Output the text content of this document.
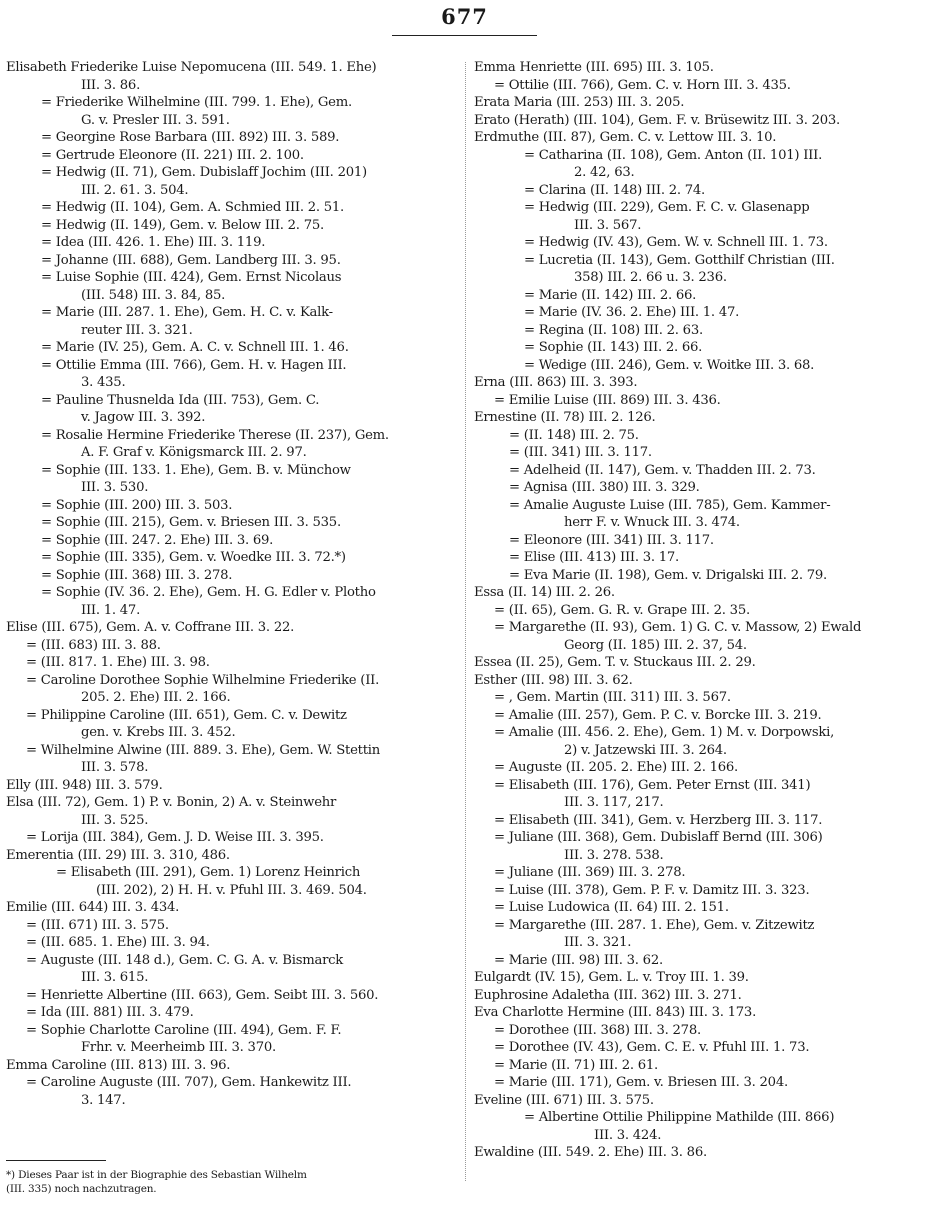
677
Elisabeth Friederike Luise Nepomucena (III. 549. 1. Ehe)
III. 3. 86.
= Friederike Wilhelmine (III. 799. 1. Ehe), Gem.
G. v. Presler III. 3. 591.
= Georgine Rose Barbara (III. 892) III. 3. 589.
= Gertrude Eleonore (II. 221) III. 2. 100.
= Hedwig (II. 71), Gem. Dubislaff Jochim (III. 201)
III. 2. 61. 3. 504.
= Hedwig (II. 104), Gem. A. Schmied III. 2. 51.
= Hedwig (II. 149), Gem. v. Below III. 2. 75.
= Idea (III. 426. 1. Ehe) III. 3. 119.
= Johanne (III. 688), Gem. Landberg III. 3. 95.
= Luise Sophie (III. 424), Gem. Ernst Nicolaus
(III. 548) III. 3. 84, 85.
= Marie (III. 287. 1. Ehe), Gem. H. C. v. Kalk-
reuter III. 3. 321.
= Marie (IV. 25), Gem. A. C. v. Schnell III. 1. 46.
= Ottilie Emma (III. 766), Gem. H. v. Hagen III.
3. 435.
= Pauline Thusnelda Ida (III. 753), Gem. C.
v. Jagow III. 3. 392.
= Rosalie Hermine Friederike Therese (II. 237), Gem.
A. F. Graf v. Königsmarck III. 2. 97.
= Sophie (III. 133. 1. Ehe), Gem. B. v. Münchow
III. 3. 530.
= Sophie (III. 200) III. 3. 503.
= Sophie (III. 215), Gem. v. Briesen III. 3. 535.
= Sophie (III. 247. 2. Ehe) III. 3. 69.
= Sophie (III. 335), Gem. v. Woedke III. 3. 72.*)
= Sophie (III. 368) III. 3. 278.
= Sophie (IV. 36. 2. Ehe), Gem. H. G. Edler v. Plotho
III. 1. 47.
Elise (III. 675), Gem. A. v. Coffrane III. 3. 22.
= (III. 683) III. 3. 88.
= (III. 817. 1. Ehe) III. 3. 98.
= Caroline Dorothee Sophie Wilhelmine Friederike (II.
205. 2. Ehe) III. 2. 166.
= Philippine Caroline (III. 651), Gem. C. v. Dewitz
gen. v. Krebs III. 3. 452.
= Wilhelmine Alwine (III. 889. 3. Ehe), Gem. W. Stettin
III. 3. 578.
Elly (III. 948) III. 3. 579.
Elsa (III. 72), Gem. 1) P. v. Bonin, 2) A. v. Steinwehr
III. 3. 525.
= Lorija (III. 384), Gem. J. D. Weise III. 3. 395.
Emerentia (III. 29) III. 3. 310, 486.
= Elisabeth (III. 291), Gem. 1) Lorenz Heinrich
(III. 202), 2) H. H. v. Pfuhl III. 3. 469. 504.
Emilie (III. 644) III. 3. 434.
= (III. 671) III. 3. 575.
= (III. 685. 1. Ehe) III. 3. 94.
= Auguste (III. 148 d.), Gem. C. G. A. v. Bismarck
III. 3. 615.
= Henriette Albertine (III. 663), Gem. Seibt III. 3. 560.
= Ida (III. 881) III. 3. 479.
= Sophie Charlotte Caroline (III. 494), Gem. F. F.
Frhr. v. Meerheimb III. 3. 370.
Emma Caroline (III. 813) III. 3. 96.
= Caroline Auguste (III. 707), Gem. Hankewitz III.
3. 147.
Emma Henriette (III. 695) III. 3. 105.
= Ottilie (III. 766), Gem. C. v. Horn III. 3. 435.
Erata Maria (III. 253) III. 3. 205.
Erato (Herath) (III. 104), Gem. F. v. Brüsewitz III. 3. 203.
Erdmuthe (III. 87), Gem. C. v. Lettow III. 3. 10.
= Catharina (II. 108), Gem. Anton (II. 101) III.
2. 42, 63.
= Clarina (II. 148) III. 2. 74.
= Hedwig (III. 229), Gem. F. C. v. Glasenapp
III. 3. 567.
= Hedwig (IV. 43), Gem. W. v. Schnell III. 1. 73.
= Lucretia (II. 143), Gem. Gotthilf Christian (III.
358) III. 2. 66 u. 3. 236.
= Marie (II. 142) III. 2. 66.
= Marie (IV. 36. 2. Ehe) III. 1. 47.
= Regina (II. 108) III. 2. 63.
= Sophie (II. 143) III. 2. 66.
= Wedige (III. 246), Gem. v. Woitke III. 3. 68.
Erna (III. 863) III. 3. 393.
= Emilie Luise (III. 869) III. 3. 436.
Ernestine (II. 78) III. 2. 126.
= (II. 148) III. 2. 75.
= (III. 341) III. 3. 117.
= Adelheid (II. 147), Gem. v. Thadden III. 2. 73.
= Agnisa (III. 380) III. 3. 329.
= Amalie Auguste Luise (III. 785), Gem. Kammer-
herr F. v. Wnuck III. 3. 474.
= Eleonore (III. 341) III. 3. 117.
= Elise (III. 413) III. 3. 17.
= Eva Marie (II. 198), Gem. v. Drigalski III. 2. 79.
Essa (II. 14) III. 2. 26.
= (II. 65), Gem. G. R. v. Grape III. 2. 35.
= Margarethe (II. 93), Gem. 1) G. C. v. Massow, 2) Ewald
Georg (II. 185) III. 2. 37, 54.
Essea (II. 25), Gem. T. v. Stuckaus III. 2. 29.
Esther (III. 98) III. 3. 62.
= , Gem. Martin (III. 311) III. 3. 567.
= Amalie (III. 257), Gem. P. C. v. Borcke III. 3. 219.
= Amalie (III. 456. 2. Ehe), Gem. 1) M. v. Dorpowski,
2) v. Jatzewski III. 3. 264.
= Auguste (II. 205. 2. Ehe) III. 2. 166.
= Elisabeth (III. 176), Gem. Peter Ernst (III. 341)
III. 3. 117, 217.
= Elisabeth (III. 341), Gem. v. Herzberg III. 3. 117.
= Juliane (III. 368), Gem. Dubislaff Bernd (III. 306)
III. 3. 278. 538.
= Juliane (III. 369) III. 3. 278.
= Luise (III. 378), Gem. P. F. v. Damitz III. 3. 323.
= Luise Ludowica (II. 64) III. 2. 151.
= Margarethe (III. 287. 1. Ehe), Gem. v. Zitzewitz
III. 3. 321.
= Marie (III. 98) III. 3. 62.
Eulgardt (IV. 15), Gem. L. v. Troy III. 1. 39.
Euphrosine Adaletha (III. 362) III. 3. 271.
Eva Charlotte Hermine (III. 843) III. 3. 173.
= Dorothee (III. 368) III. 3. 278.
= Dorothee (IV. 43), Gem. C. E. v. Pfuhl III. 1. 73.
= Marie (II. 71) III. 2. 61.
= Marie (III. 171), Gem. v. Briesen III. 3. 204.
Eveline (III. 671) III. 3. 575.
= Albertine Ottilie Philippine Mathilde (III. 866)
III. 3. 424.
Ewaldine (III. 549. 2. Ehe) III. 3. 86.
*) Dieses Paar ist in der Biographie des Sebastian Wilhelm
(III. 335) noch nachzutragen.
